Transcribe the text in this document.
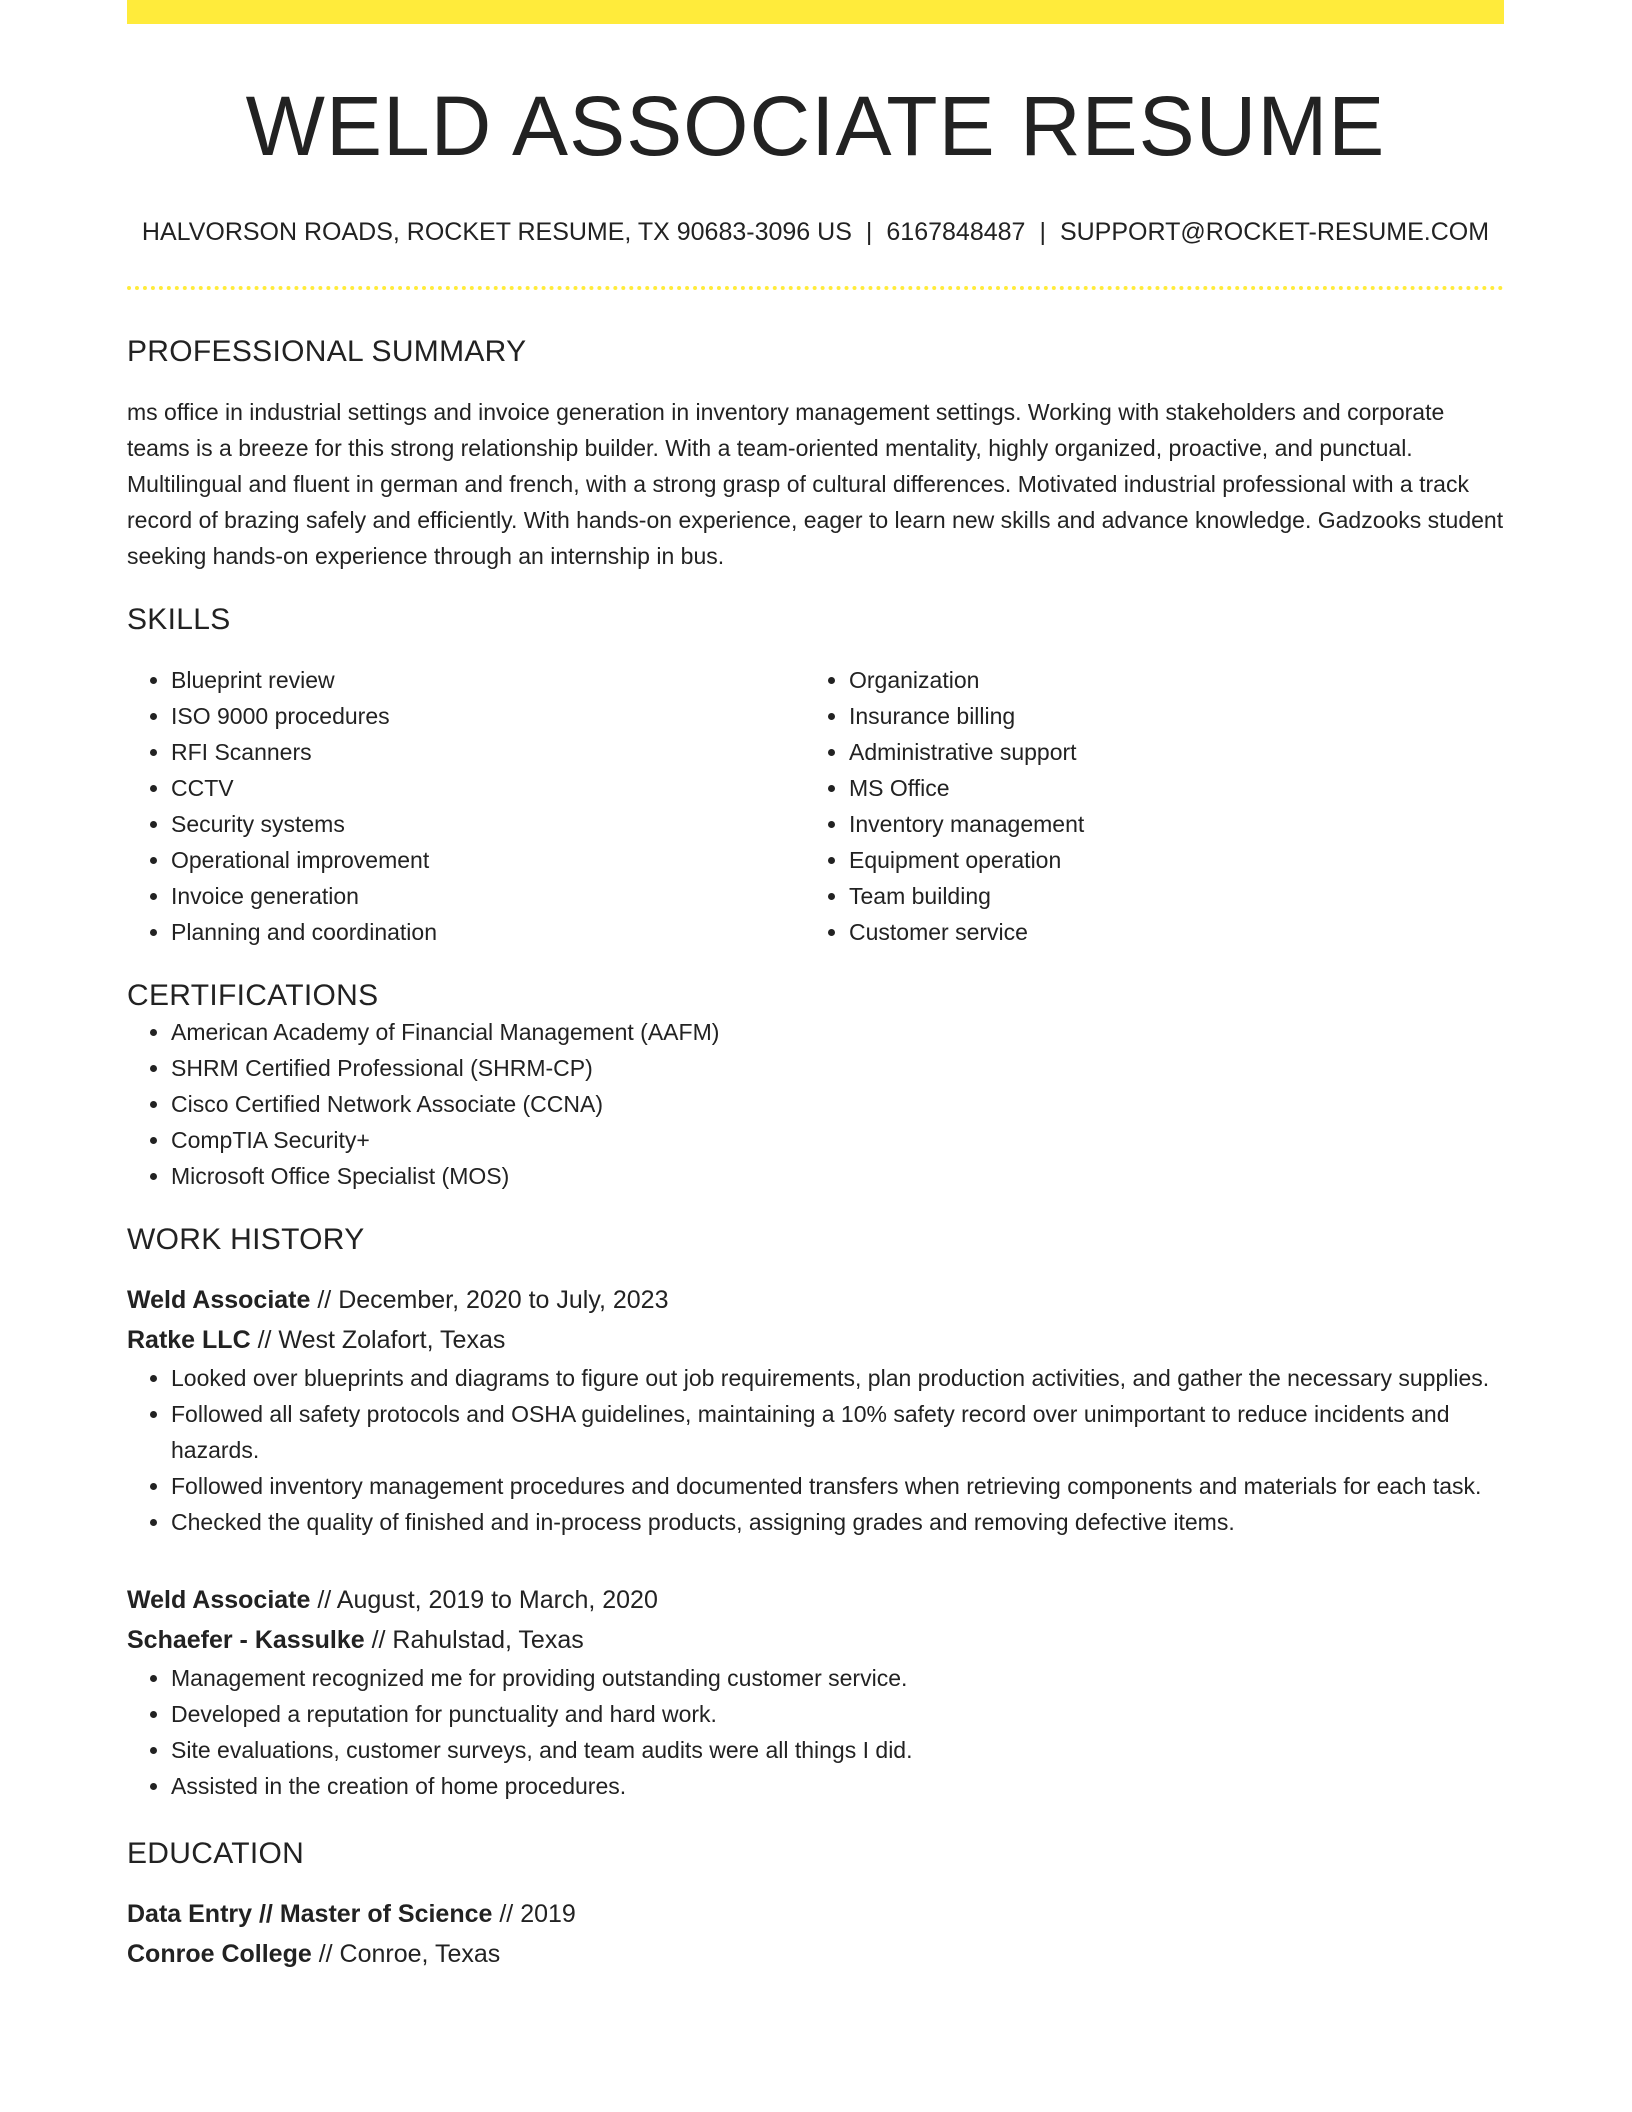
WELD ASSOCIATE RESUME
HALVORSON ROADS, ROCKET RESUME, TX 90683-3096 US | 6167848487 | SUPPORT@ROCKET-RESUME.COM
PROFESSIONAL SUMMARY

ms office in industrial settings and invoice generation in inventory management settings. Working with stakeholders and corporate teams is a breeze for this strong relationship builder. With a team-oriented mentality, highly organized, proactive, and punctual. Multilingual and fluent in german and french, with a strong grasp of cultural differences. Motivated industrial professional with a track record of brazing safely and efficiently. With hands-on experience, eager to learn new skills and advance knowledge. Gadzooks student seeking hands-on experience through an internship in bus.

SKILLS
• Blueprint review
• ISO 9000 procedures
• RFI Scanners
• CCTV
• Security systems
• Operational improvement
• Invoice generation
• Planning and coordination
• Organization
• Insurance billing
• Administrative support
• MS Office
• Inventory management
• Equipment operation
• Team building
• Customer service
CERTIFICATIONS
• American Academy of Financial Management (AAFM)
• SHRM Certified Professional (SHRM-CP)
• Cisco Certified Network Associate (CCNA)
• CompTIA Security+
• Microsoft Office Specialist (MOS)
WORK HISTORY
Weld Associate // December, 2020 to July, 2023
Ratke LLC // West Zolafort, Texas
• Looked over blueprints and diagrams to figure out job requirements, plan production activities, and gather the necessary supplies.
• Followed all safety protocols and OSHA guidelines, maintaining a 10% safety record over unimportant to reduce incidents and hazards.
• Followed inventory management procedures and documented transfers when retrieving components and materials for each task.
• Checked the quality of finished and in-process products, assigning grades and removing defective items.
Weld Associate // August, 2019 to March, 2020
Schaefer - Kassulke // Rahulstad, Texas
• Management recognized me for providing outstanding customer service.
• Developed a reputation for punctuality and hard work.
• Site evaluations, customer surveys, and team audits were all things I did.
• Assisted in the creation of home procedures.
EDUCATION
Data Entry // Master of Science // 2019
Conroe College // Conroe, Texas
